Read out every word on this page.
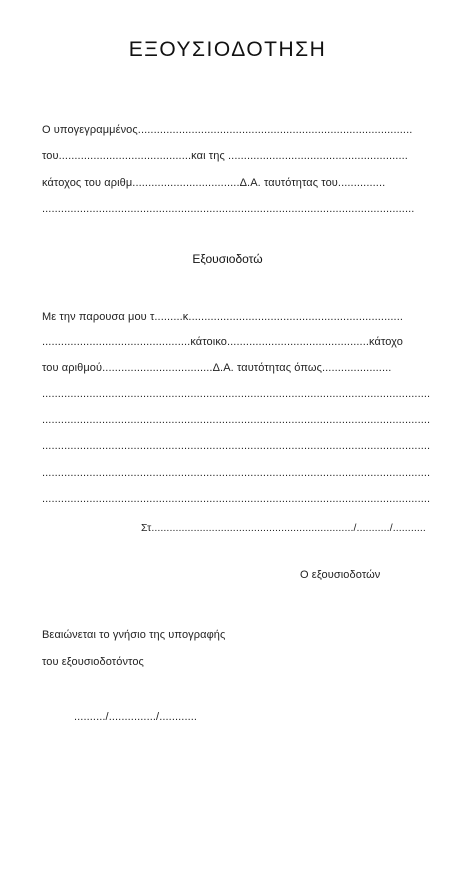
ΕΞΟΥΣΙΟΔΟΤΗΣΗ
Ο υπογεγραμμένος.......................................................................................
του..........................................και της .........................................................
κάτοχος του αριθμ..................................Δ.Α. ταυτότητας του...............
......................................................................................................................
Εξουσιοδοτώ
Με την παρουσα μου τ.........κ....................................................................
...............................................κάτοικο.............................................κάτοχο
του αριθμού...................................Δ.Α. ταυτότητας όπως......................
...........................................................................................................................
...........................................................................................................................
...........................................................................................................................
...........................................................................................................................
...........................................................................................................................
Στ.................................................................../.........../...........
Ο εξουσιοδοτών
Βεαιώνεται το γνήσιο της υπογραφής
του εξουσιοδοτόντος
........../.............../............
